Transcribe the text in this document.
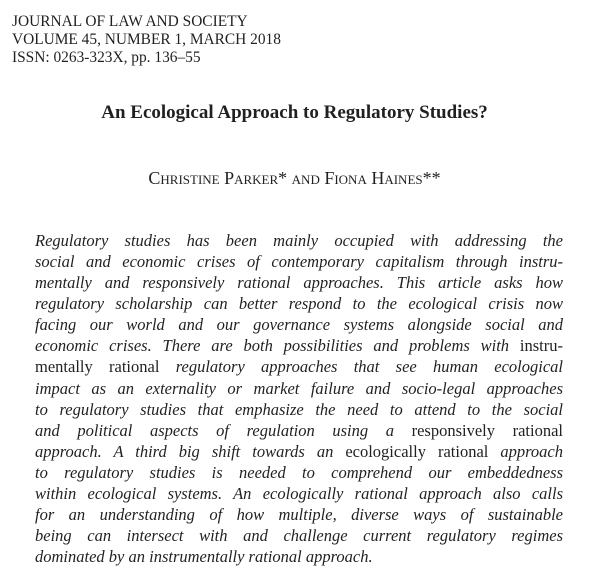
JOURNAL OF LAW AND SOCIETY
VOLUME 45, NUMBER 1, MARCH 2018
ISSN: 0263-323X, pp. 136–55
An Ecological Approach to Regulatory Studies?
Christine Parker* and Fiona Haines**
Regulatory studies has been mainly occupied with addressing the
social and economic crises of contemporary capitalism through instru-
mentally and responsively rational approaches. This article asks how
regulatory scholarship can better respond to the ecological crisis now
facing our world and our governance systems alongside social and
economic crises. There are both possibilities and problems with instru-
mentally rational regulatory approaches that see human ecological
impact as an externality or market failure and socio-legal approaches
to regulatory studies that emphasize the need to attend to the social
and political aspects of regulation using a responsively rational
approach. A third big shift towards an ecologically rational approach
to regulatory studies is needed to comprehend our embeddedness
within ecological systems. An ecologically rational approach also calls
for an understanding of how multiple, diverse ways of sustainable
being can intersect with and challenge current regulatory regimes
dominated by an instrumentally rational approach.
